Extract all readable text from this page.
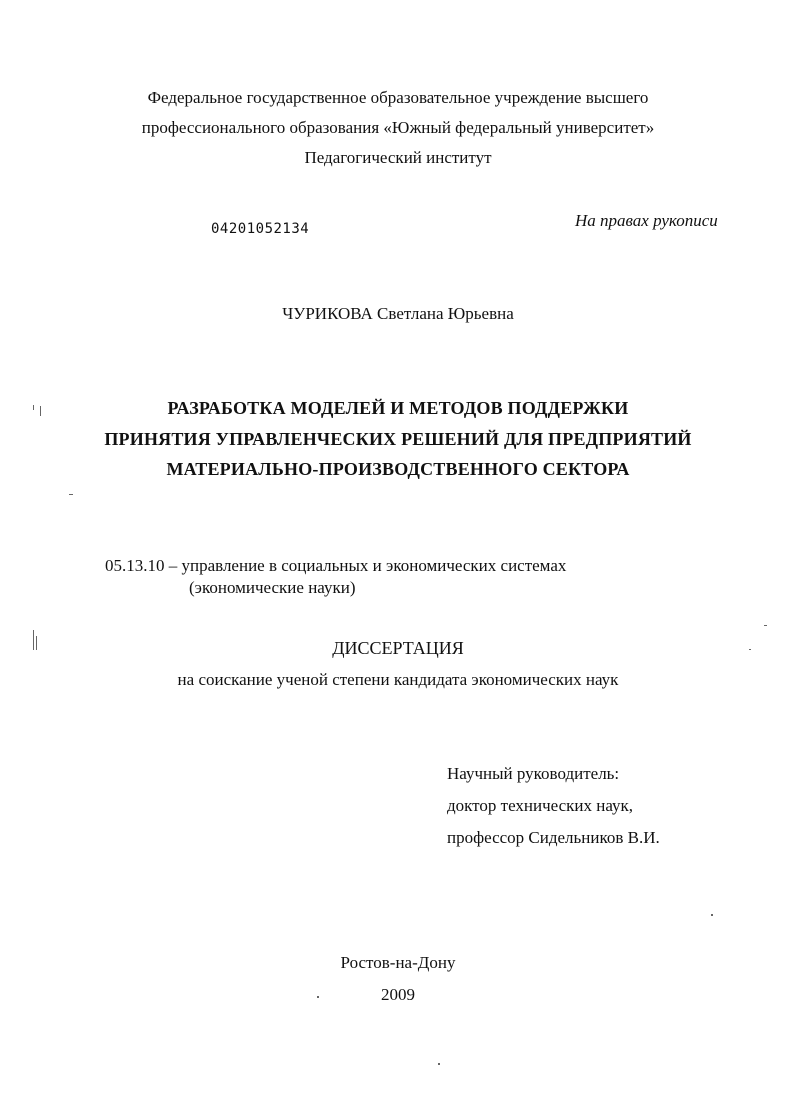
Федеральное государственное образовательное учреждение высшего
профессионального образования «Южный федеральный университет»
Педагогический институт
04201052134	На правах рукописи
ЧУРИКОВА Светлана Юрьевна
РАЗРАБОТКА МОДЕЛЕЙ И МЕТОДОВ ПОДДЕРЖКИ
ПРИНЯТИЯ УПРАВЛЕНЧЕСКИХ РЕШЕНИЙ ДЛЯ ПРЕДПРИЯТИЙ
МАТЕРИАЛЬНО-ПРОИЗВОДСТВЕННОГО СЕКТОРА
05.13.10 – управление в социальных и экономических системах
(экономические науки)
ДИССЕРТАЦИЯ
на соискание ученой степени кандидата экономических наук
Научный руководитель:
доктор технических наук,
профессор Сидельников В.И.
Ростов-на-Дону
2009
